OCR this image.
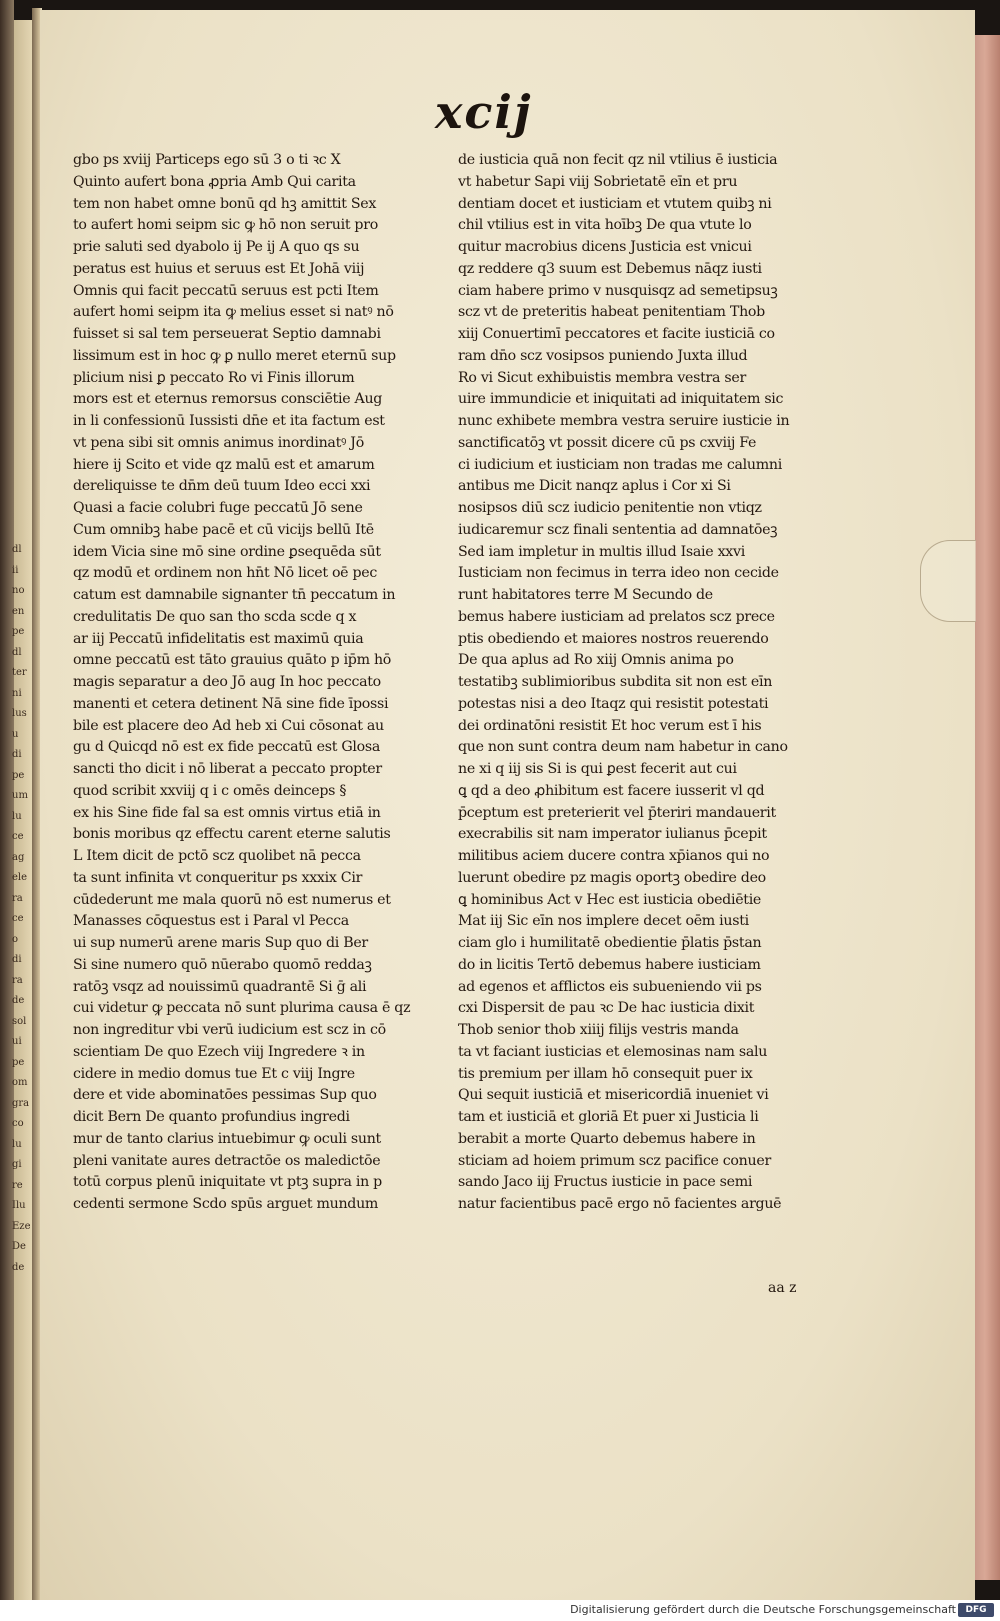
dl
ii
no
en
pe
dl
ter
ni
lus
u
di
pe
um
lu
ce
ag
ele
ra
ce
o
di
ra
de
sol
ui
pe
om
gra
co
lu
gi
re
Ilu
Eze
De
de
xcij
gbo ps xviij Particeps ego sū 3 o ti ꝛc X
Quinto aufert bona ꝓpria Amb Qui carita
tem non habet omne bonū qd hꝫ amittit Sex
to aufert homi seipm sic ꝙ hō non seruit pro
prie saluti sed dyabolo ij Pe ij A quo qs su
peratus est huius et seruus est Et Johā viij
Omnis qui facit peccatū seruus est pcti Item
aufert homi seipm ita ꝙ melius esset si natꝰ nō
fuisset si sal tem perseuerat Septio damnabi
lissimum est in hoc ꝙ ꝑ nullo meret eternū sup
plicium nisi ꝑ peccato Ro vi Finis illorum
mors est et eternus remorsus consciētie Aug
in li confessionū Iussisti dn̄e et ita factum est
vt pena sibi sit omnis animus inordinatꝰ Jō
hiere ij Scito et vide qz malū est et amarum
dereliquisse te dn̄m deū tuum Ideo ecci xxi
Quasi a facie colubri fuge peccatū Jō sene
Cum omnibꝫ habe pacē et cū vicijs bellū Itē
idem Vicia sine mō sine ordine ꝑsequēda sūt
qz modū et ordinem non hn̄t Nō licet oē pec
catum est damnabile signanter tn̄ peccatum in
credulitatis De quo san tho scda scde q x
ar iij Peccatū infidelitatis est maximū quia
omne peccatū est tāto grauius quāto p ip̄m hō
magis separatur a deo Jō aug In hoc peccato
manenti et cetera detinent Nā sine fide īpossi
bile est placere deo Ad heb xi Cui cōsonat au
gu d Quicqd nō est ex fide peccatū est Glosa
sancti tho dicit i nō liberat a peccato propter
quod scribit xxviij q i c omēs deinceps §
ex his Sine fide fal sa est omnis virtus etiā in
bonis moribus qz effectu carent eterne salutis
L Item dicit de pctō scz quolibet nā pecca
ta sunt infinita vt conqueritur ps xxxix Cir
cūdederunt me mala quorū nō est numerus et
Manasses cōquestus est i Paral vl Pecca
ui sup numerū arene maris Sup quo di Ber
Si sine numero quō nūerabo quomō reddaꝫ
ratōꝫ vsqz ad nouissimū quadrantē Si ḡ ali
cui videtur ꝙ peccata nō sunt plurima causa ē qz
non ingreditur vbi verū iudicium est scz in cō
scientiam De quo Ezech viij Ingredere ꝛ in
cidere in medio domus tue Et c viij Ingre
dere et vide abominatōes pessimas Sup quo
dicit Bern De quanto profundius ingredi
mur de tanto clarius intuebimur ꝙ oculi sunt
pleni vanitate aures detractōe os maledictōe
totū corpus plenū iniquitate vt ptꝫ supra in p
cedenti sermone Scdo spūs arguet mundum
de iusticia quā non fecit qz nil vtilius ē iusticia
vt habetur Sapi viij Sobrietatē eīn et pru
dentiam docet et iusticiam et vtutem quibꝫ ni
chil vtilius est in vita hoībꝫ De qua vtute lo
quitur macrobius dicens Justicia est vnicui
qz reddere q3 suum est Debemus nāqz iusti
ciam habere primo v nusquisqz ad semetipsuꝫ
scz vt de preteritis habeat penitentiam Thob
xiij Conuertimī peccatores et facite iusticiā co
ram dn̄o scz vosipsos puniendo Juxta illud
Ro vi Sicut exhibuistis membra vestra ser
uire immundicie et iniquitati ad iniquitatem sic
nunc exhibete membra vestra seruire iusticie in
sanctificatōꝫ vt possit dicere cū ps cxviij Fe
ci iudicium et iusticiam non tradas me calumni
antibus me Dicit nanqz aplus i Cor xi Si
nosipsos diū scz iudicio penitentie non vtiqz
iudicaremur scz finali sententia ad damnatōeꝫ
Sed iam impletur in multis illud Isaie xxvi
Iusticiam non fecimus in terra ideo non cecide
runt habitatores terre M Secundo de
bemus habere iusticiam ad prelatos scz prece
ptis obediendo et maiores nostros reuerendo
De qua aplus ad Ro xiij Omnis anima po
testatibꝫ sublimioribus subdita sit non est eīn
potestas nisi a deo Itaqz qui resistit potestati
dei ordinatōni resistit Et hoc verum est ī his
que non sunt contra deum nam habetur in cano
ne xi q iij sis Si is qui ꝑest fecerit aut cui
ꝗ qd a deo ꝓhibitum est facere iusserit vl qd
p̄ceptum est preterierit vel p̄teriri mandauerit
execrabilis sit nam imperator iulianus p̄cepit
militibus aciem ducere contra xp̄ianos qui no
luerunt obedire pz magis oportꝫ obedire deo
ꝗ hominibus Act v Hec est iusticia obediētie
Mat iij Sic eīn nos implere decet oēm iusti
ciam glo i humilitatē obedientie p̄latis p̄stan
do in licitis Tertō debemus habere iusticiam
ad egenos et afflictos eis subueniendo vii ps
cxi Dispersit de pau ꝛc De hac iusticia dixit
Thob senior thob xiiij filijs vestris manda
ta vt faciant iusticias et elemosinas nam salu
tis premium per illam hō consequit puer ix
Qui sequit iusticiā et misericordiā inueniet vi
tam et iusticiā et gloriā Et puer xi Justicia li
berabit a morte Quarto debemus habere in
sticiam ad hoiem primum scz pacifice conuer
sando Jaco iij Fructus iusticie in pace semi
natur facientibus pacē ergo nō facientes arguē
aa z
Digitalisierung gefördert durch die Deutsche Forschungsgemeinschaft	DFG
